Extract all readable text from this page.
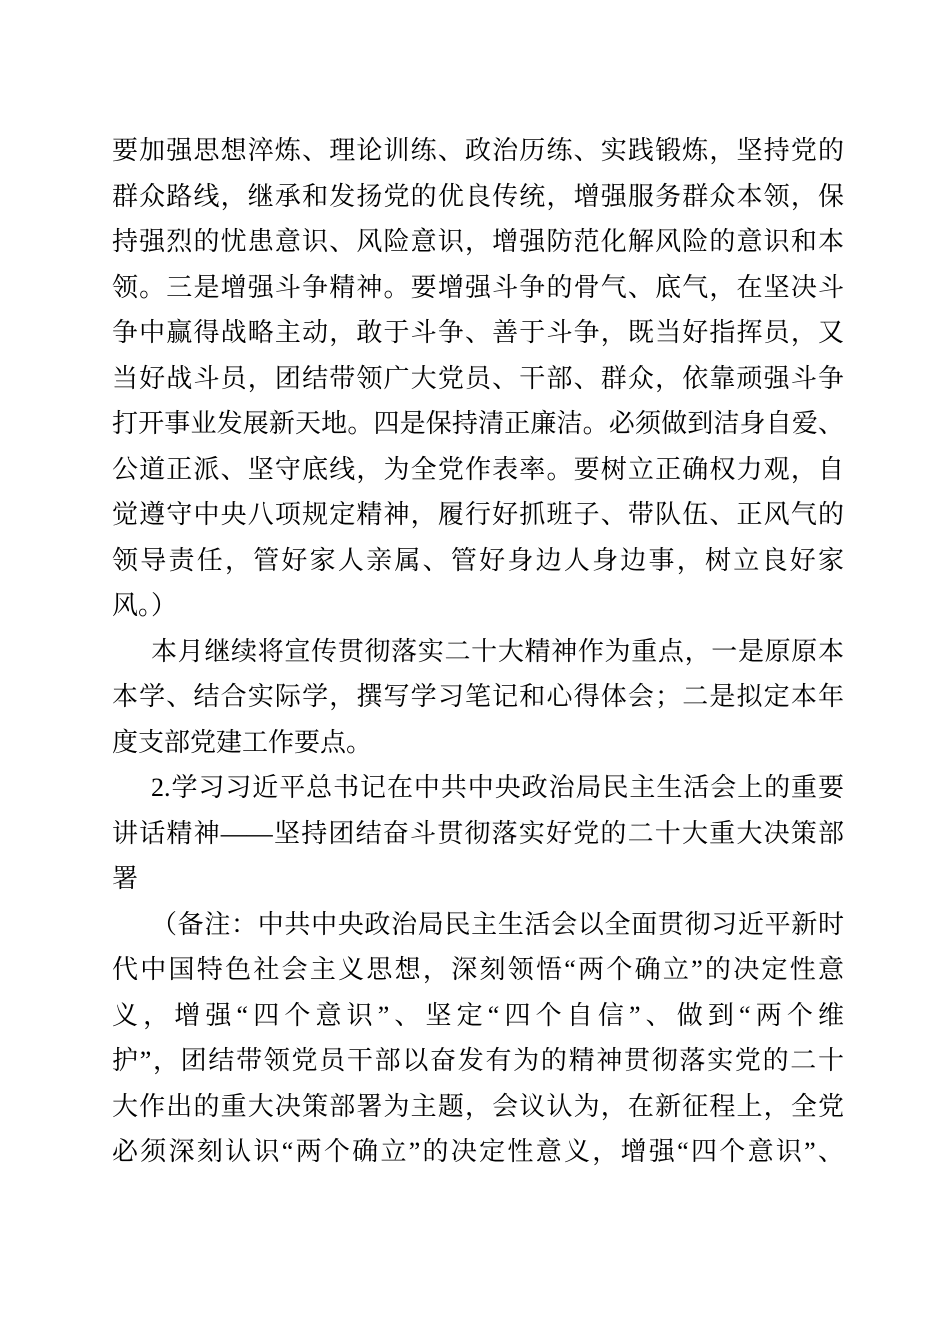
要加强思想淬炼、理论训练、政治历练、实践锻炼，坚持党的
群众路线，继承和发扬党的优良传统，增强服务群众本领，保
持强烈的忧患意识、风险意识，增强防范化解风险的意识和本
领。三是增强斗争精神。要增强斗争的骨气、底气，在坚决斗
争中赢得战略主动，敢于斗争、善于斗争，既当好指挥员，又
当好战斗员，团结带领广大党员、干部、群众，依靠顽强斗争
打开事业发展新天地。四是保持清正廉洁。必须做到洁身自爱、
公道正派、坚守底线，为全党作表率。要树立正确权力观，自
觉遵守中央八项规定精神，履行好抓班子、带队伍、正风气的
领导责任，管好家人亲属、管好身边人身边事，树立良好家
风。）
本月继续将宣传贯彻落实二十大精神作为重点，一是原原本
本学、结合实际学，撰写学习笔记和心得体会；二是拟定本年
度支部党建工作要点。
2.学习习近平总书记在中共中央政治局民主生活会上的重要
讲话精神——坚持团结奋斗贯彻落实好党的二十大重大决策部
署
（备注：中共中央政治局民主生活会以全面贯彻习近平新时
代中国特色社会主义思想，深刻领悟“两个确立”的决定性意
义，增强“四个意识”、坚定“四个自信”、做到“两个维
护”，团结带领党员干部以奋发有为的精神贯彻落实党的二十
大作出的重大决策部署为主题，会议认为，在新征程上，全党
必须深刻认识“两个确立”的决定性意义，增强“四个意识”、
